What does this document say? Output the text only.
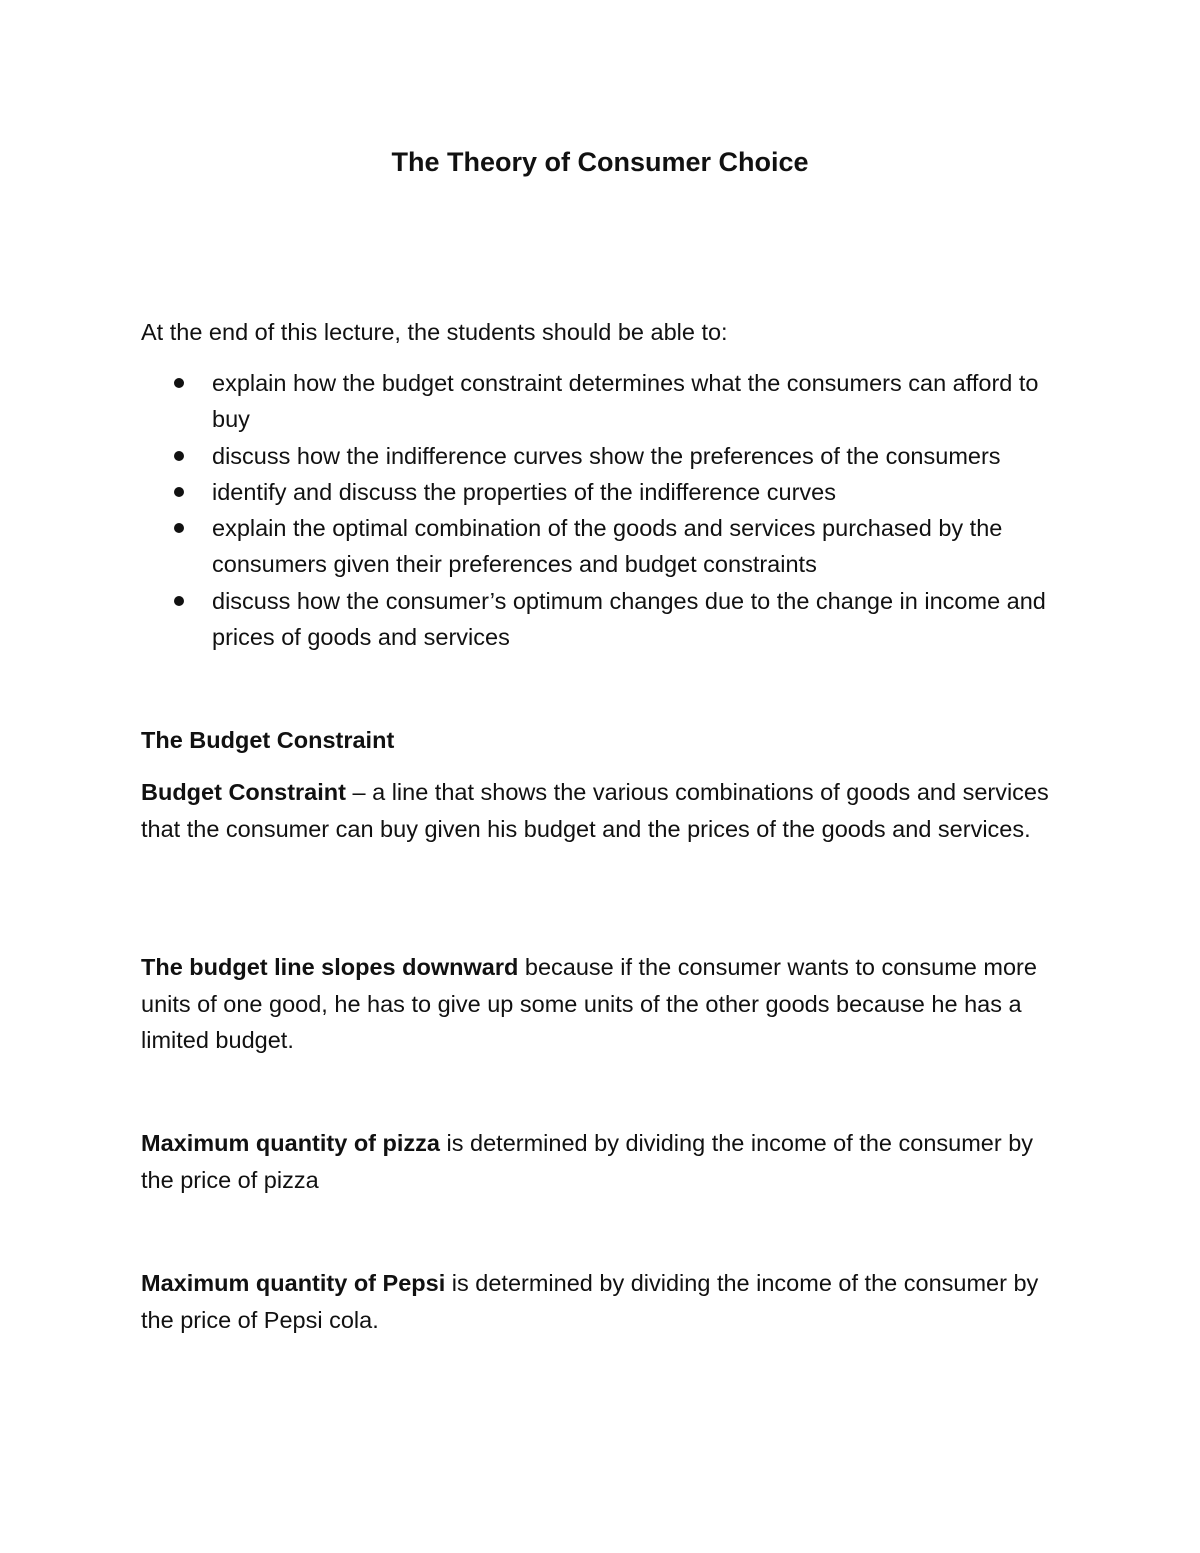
The Theory of Consumer Choice
At the end of this lecture, the students should be able to:
explain how the budget constraint determines what the consumers can afford to buy
discuss how the indifference curves show the preferences of the consumers
identify and discuss the properties of the indifference curves
explain the optimal combination of the goods and services purchased by the consumers given their preferences and budget constraints
discuss how the consumer’s optimum changes due to the change in income and prices of goods and services
The Budget Constraint
Budget Constraint – a line that shows the various combinations of goods and services that the consumer can buy given his budget and the prices of the goods and services.
The budget line slopes downward because if the consumer wants to consume more units of one good, he has to give up some units of the other goods because he has a limited budget.
Maximum quantity of pizza is determined by dividing the income of the consumer by the price of pizza
Maximum quantity of Pepsi is determined by dividing the income of the consumer by the price of Pepsi cola.
